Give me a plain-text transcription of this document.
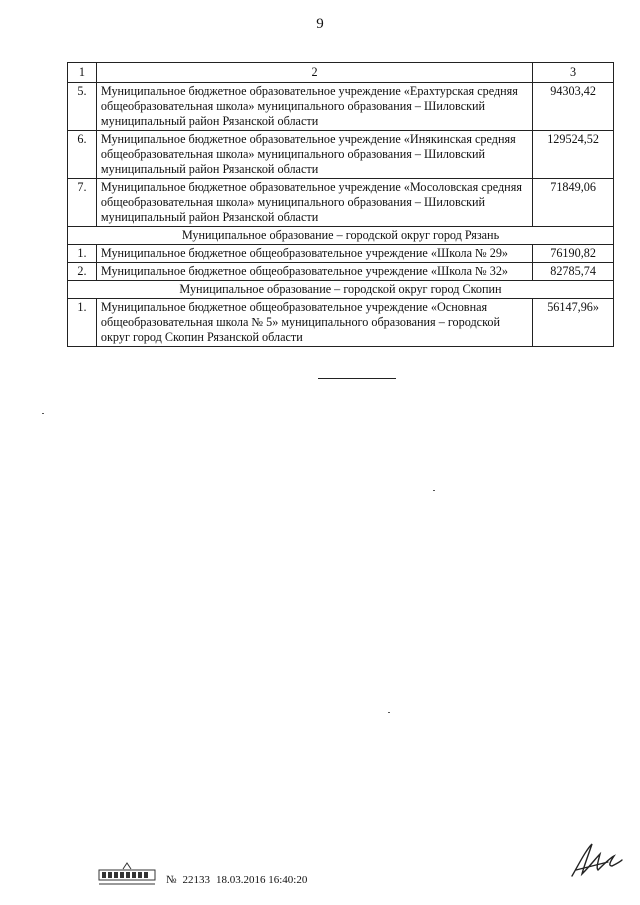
9
1	2	3
5.	Муниципальное бюджетное образовательное учреждение «Ерахтурская средняя общеобразовательная школа» муниципального образования – Шиловский муниципальный район Рязанской области	94303,42
6.	Муниципальное бюджетное образовательное учреждение «Инякинская средняя общеобразовательная школа» муниципального образования – Шиловский муниципальный район Рязанской области	129524,52
7.	Муниципальное бюджетное образовательное учреждение «Мосоловская средняя общеобразовательная школа» муниципального образования – Шиловский муниципальный район Рязанской области	71849,06
Муниципальное образование – городской округ город Рязань		
1.	Муниципальное бюджетное общеобразовательное учреждение «Школа № 29»	76190,82
2.	Муниципальное бюджетное общеобразовательное учреждение «Школа № 32»	82785,74
Муниципальное образование – городской округ город Скопин		
1.	Муниципальное бюджетное общеобразовательное учреждение «Основная общеобразовательная школа № 5» муниципального образования – городской округ город Скопин Рязанской области	56147,96»
№ 22133 18.03.2016 16:40:20
